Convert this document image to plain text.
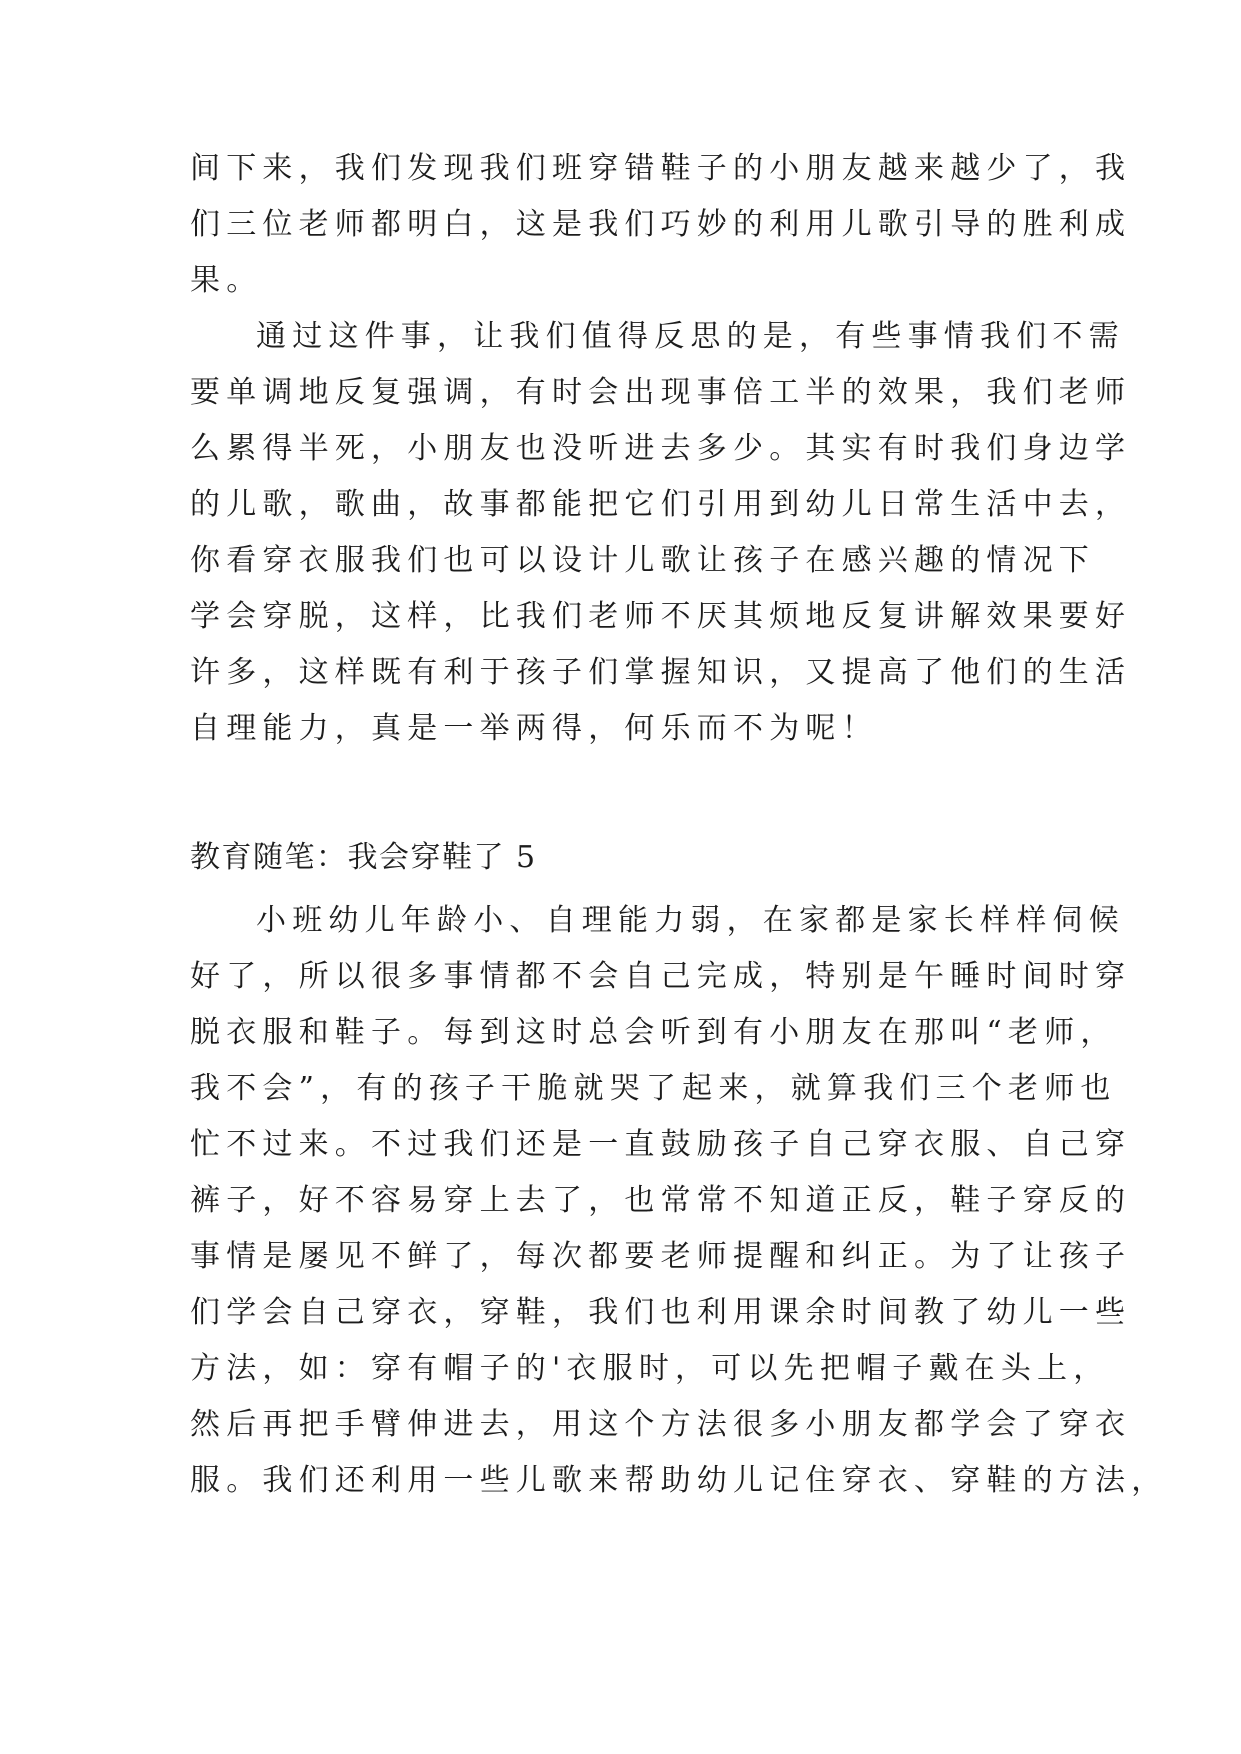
间下来，我们发现我们班穿错鞋子的小朋友越来越少了，我
们三位老师都明白，这是我们巧妙的利用儿歌引导的胜利成
果。
通过这件事，让我们值得反思的是，有些事情我们不需
要单调地反复强调，有时会出现事倍工半的效果，我们老师
么累得半死，小朋友也没听进去多少。其实有时我们身边学
的儿歌，歌曲，故事都能把它们引用到幼儿日常生活中去，
你看穿衣服我们也可以设计儿歌让孩子在感兴趣的情况下
学会穿脱，这样，比我们老师不厌其烦地反复讲解效果要好
许多，这样既有利于孩子们掌握知识，又提高了他们的生活
自理能力，真是一举两得，何乐而不为呢！
教育随笔：我会穿鞋了 5
小班幼儿年龄小、自理能力弱，在家都是家长样样伺候
好了，所以很多事情都不会自己完成，特别是午睡时间时穿
脱衣服和鞋子。每到这时总会听到有小朋友在那叫“老师，
我不会”，有的孩子干脆就哭了起来，就算我们三个老师也
忙不过来。不过我们还是一直鼓励孩子自己穿衣服、自己穿
裤子，好不容易穿上去了，也常常不知道正反，鞋子穿反的
事情是屡见不鲜了，每次都要老师提醒和纠正。为了让孩子
们学会自己穿衣，穿鞋，我们也利用课余时间教了幼儿一些
方法，如：穿有帽子的'衣服时，可以先把帽子戴在头上，
然后再把手臂伸进去，用这个方法很多小朋友都学会了穿衣
服。我们还利用一些儿歌来帮助幼儿记住穿衣、穿鞋的方法，
